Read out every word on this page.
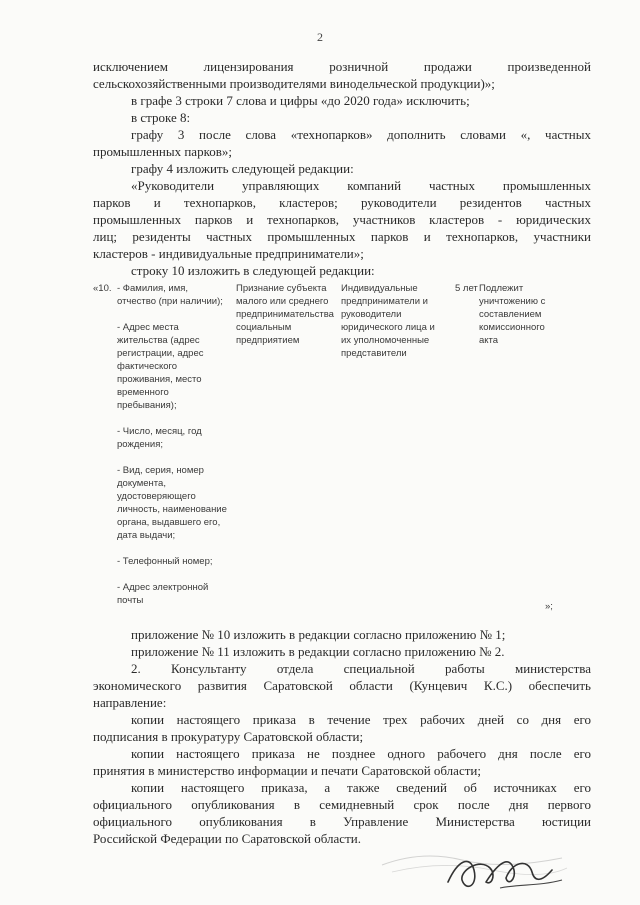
2
исключением лицензирования розничной продажи произведенной
сельскохозяйственными производителями винодельческой продукции)»;
в графе 3 строки 7 слова и цифры «до 2020 года» исключить;
в строке 8:
графу 3 после слова «технопарков» дополнить словами «, частных
промышленных парков»;
графу 4 изложить следующей редакции:
«Руководители управляющих компаний частных промышленных
парков и технопарков, кластеров; руководители резидентов частных
промышленных парков и технопарков, участников кластеров - юридических
лиц; резиденты частных промышленных парков и технопарков, участники
кластеров - индивидуальные предприниматели»;
строку 10 изложить в следующей редакции:
«10. - Фамилия, имя, отчество (при наличии);
- Адрес места жительства (адрес регистрации, адрес фактического проживания, место временного пребывания);
- Число, месяц, год рождения;
- Вид, серия, номер документа, удостоверяющего личность, наименование органа, выдавшего его, дата выдачи;
- Телефонный номер;
- Адрес электронной почты
Признание субъекта малого или среднего предпринимательства социальным предприятием
Индивидуальные предприниматели и руководители юридического лица и их уполномоченные представители
5 лет Подлежит уничтожению с составлением комиссионного акта
»;
приложение № 10 изложить в редакции согласно приложению № 1;
приложение № 11 изложить в редакции согласно приложению № 2.
2. Консультанту отдела специальной работы министерства
экономического развития Саратовской области (Кунцевич К.С.) обеспечить
направление:
копии настоящего приказа в течение трех рабочих дней со дня его
подписания в прокуратуру Саратовской области;
копии настоящего приказа не позднее одного рабочего дня после его
принятия в министерство информации и печати Саратовской области;
копии настоящего приказа, а также сведений об источниках его
официального опубликования в семидневный срок после дня первого
официального опубликования в Управление Министерства юстиции
Российской Федерации по Саратовской области.
